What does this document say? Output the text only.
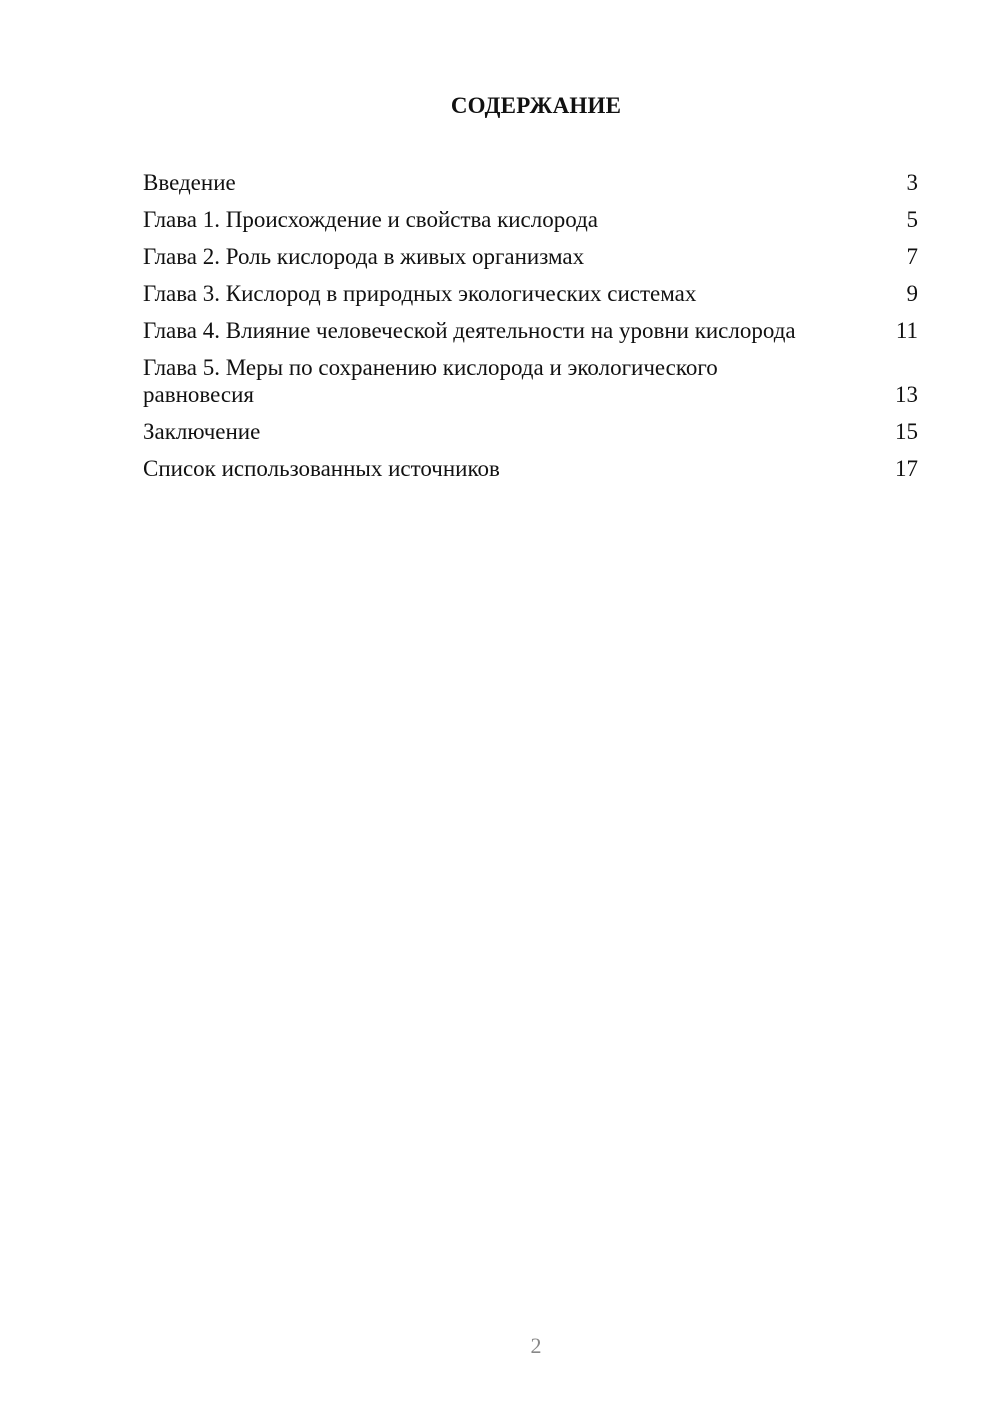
СОДЕРЖАНИЕ
Введение	3
Глава 1. Происхождение и свойства кислорода	5
Глава 2. Роль кислорода в живых организмах	7
Глава 3. Кислород в природных экологических системах	9
Глава 4. Влияние человеческой деятельности на уровни кислорода	11
Глава 5. Меры по сохранению кислорода и экологического равновесия	13
Заключение	15
Список использованных источников	17
2
